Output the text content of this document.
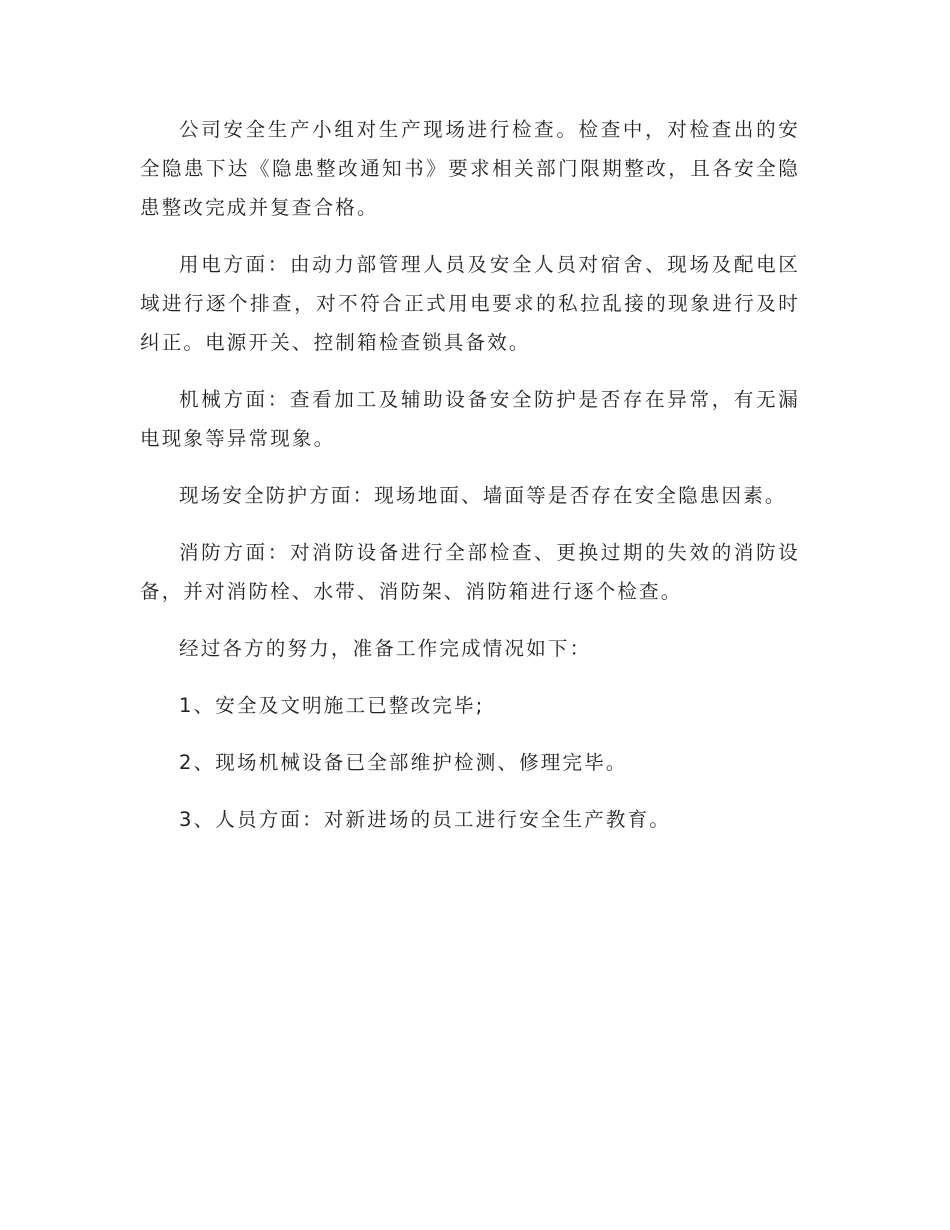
公司安全生产小组对生产现场进行检查。检查中，对检查出的安全隐患下达《隐患整改通知书》要求相关部门限期整改，且各安全隐患整改完成并复查合格。

用电方面：由动力部管理人员及安全人员对宿舍、现场及配电区域进行逐个排查，对不符合正式用电要求的私拉乱接的现象进行及时纠正。电源开关、控制箱检查锁具备效。

机械方面：查看加工及辅助设备安全防护是否存在异常，有无漏电现象等异常现象。

现场安全防护方面：现场地面、墙面等是否存在安全隐患因素。

消防方面：对消防设备进行全部检查、更换过期的失效的消防设备，并对消防栓、水带、消防架、消防箱进行逐个检查。

经过各方的努力，准备工作完成情况如下：

1、安全及文明施工已整改完毕;

2、现场机械设备已全部维护检测、修理完毕。

3、人员方面：对新进场的员工进行安全生产教育。
